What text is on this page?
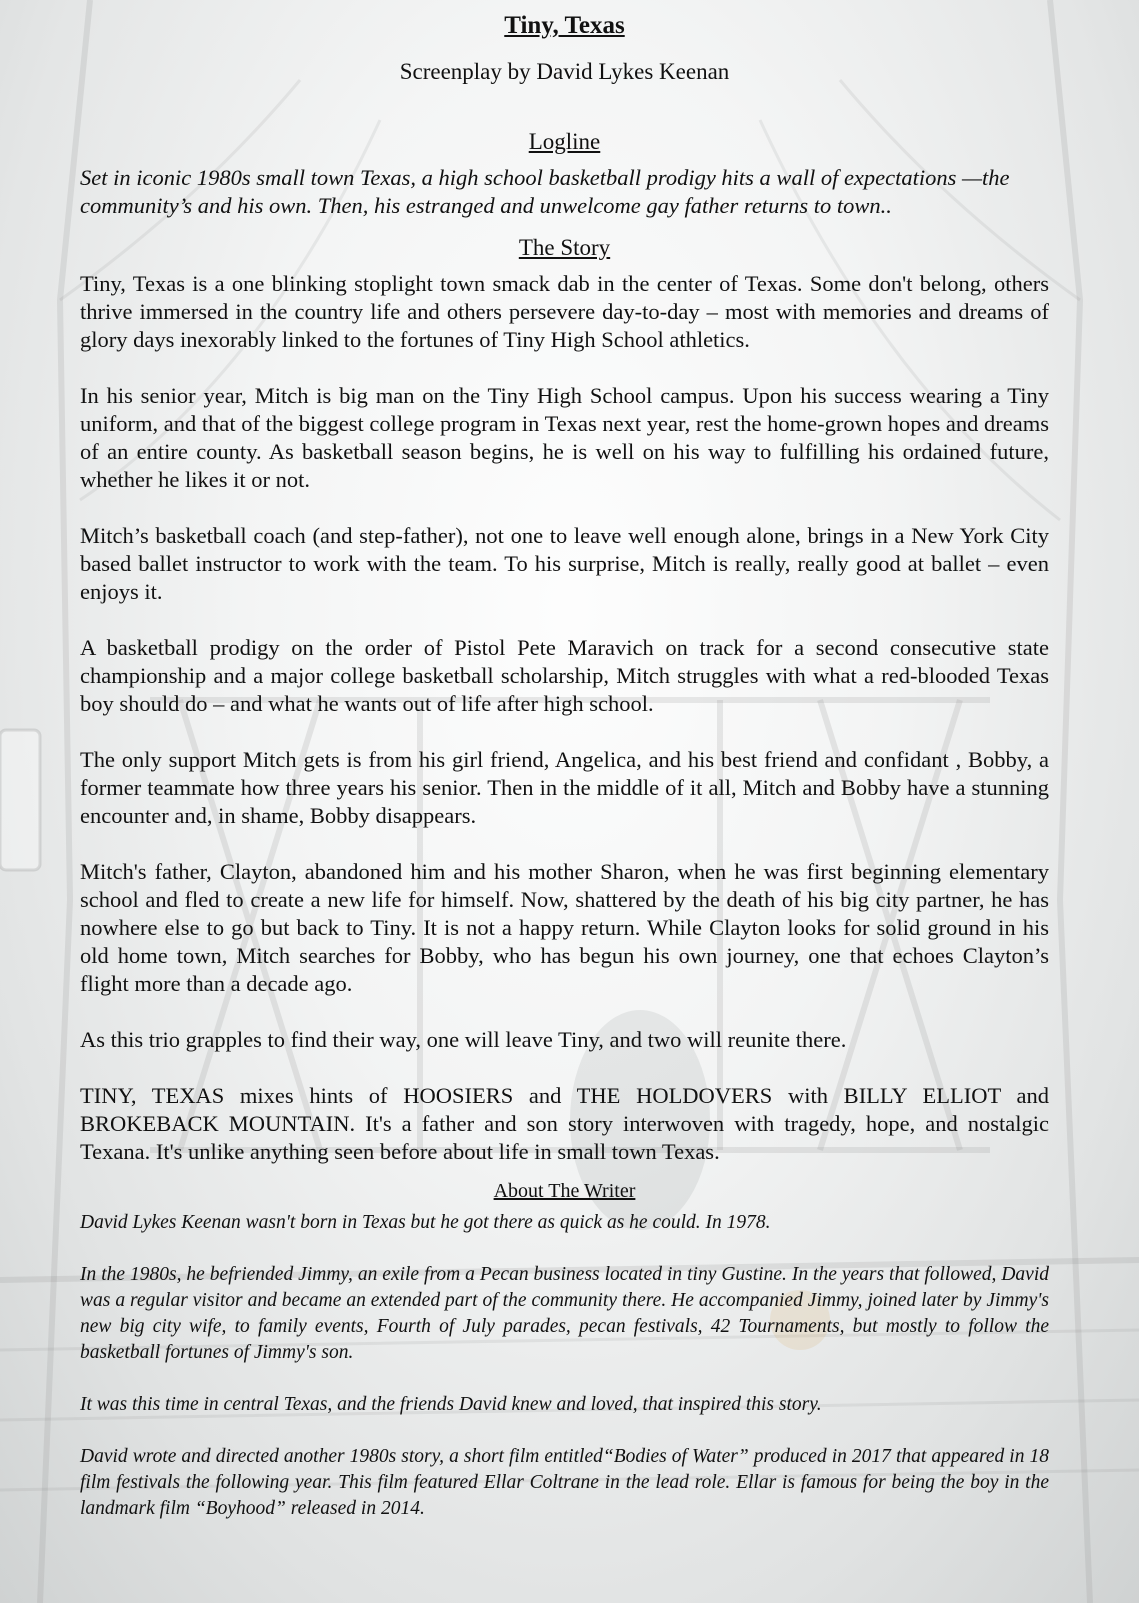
Tiny, Texas
Screenplay by David Lykes Keenan
Logline

Set in iconic 1980s small town Texas, a high school basketball prodigy hits a wall of expectations —the community’s and his own. Then, his estranged and unwelcome gay father returns to town..

The Story

Tiny, Texas is a one blinking stoplight town smack dab in the center of Texas. Some don't belong, others thrive immersed in the country life and others persevere day-to-day – most with memories and dreams of glory days inexorably linked to the fortunes of Tiny High School athletics.

In his senior year, Mitch is big man on the Tiny High School campus. Upon his success wearing a Tiny uniform, and that of the biggest college program in Texas next year, rest the home-grown hopes and dreams of an entire county. As basketball season begins, he is well on his way to fulfilling his ordained future, whether he likes it or not.

Mitch’s basketball coach (and step-father), not one to leave well enough alone, brings in a New York City based ballet instructor to work with the team. To his surprise, Mitch is really, really good at ballet – even enjoys it.

A basketball prodigy on the order of Pistol Pete Maravich on track for a second consecutive state championship and a major college basketball scholarship, Mitch struggles with what a red-blooded Texas boy should do – and what he wants out of life after high school.

The only support Mitch gets is from his girl friend, Angelica, and his best friend and confidant , Bobby, a former teammate how three years his senior. Then in the middle of it all, Mitch and Bobby have a stunning encounter and, in shame, Bobby disappears.

Mitch's father, Clayton, abandoned him and his mother Sharon, when he was first beginning elementary school and fled to create a new life for himself. Now, shattered by the death of his big city partner, he has nowhere else to go but back to Tiny. It is not a happy return. While Clayton looks for solid ground in his old home town, Mitch searches for Bobby, who has begun his own journey, one that echoes Clayton’s flight more than a decade ago.

As this trio grapples to find their way, one will leave Tiny, and two will reunite there.

TINY, TEXAS mixes hints of HOOSIERS and THE HOLDOVERS with BILLY ELLIOT and BROKEBACK MOUNTAIN. It's a father and son story interwoven with tragedy, hope, and nostalgic Texana. It's unlike anything seen before about life in small town Texas.

About The Writer

David Lykes Keenan wasn't born in Texas but he got there as quick as he could. In 1978.

In the 1980s, he befriended Jimmy, an exile from a Pecan business located in tiny Gustine. In the years that followed, David was a regular visitor and became an extended part of the community there. He accompanied Jimmy, joined later by Jimmy's new big city wife, to family events, Fourth of July parades, pecan festivals, 42 Tournaments, but mostly to follow the basketball fortunes of Jimmy's son.

It was this time in central Texas, and the friends David knew and loved, that inspired this story.

David wrote and directed another 1980s story, a short film entitled“Bodies of Water” produced in 2017 that appeared in 18 film festivals the following year. This film featured Ellar Coltrane in the lead role. Ellar is famous for being the boy in the landmark film “Boyhood” released in 2014.
